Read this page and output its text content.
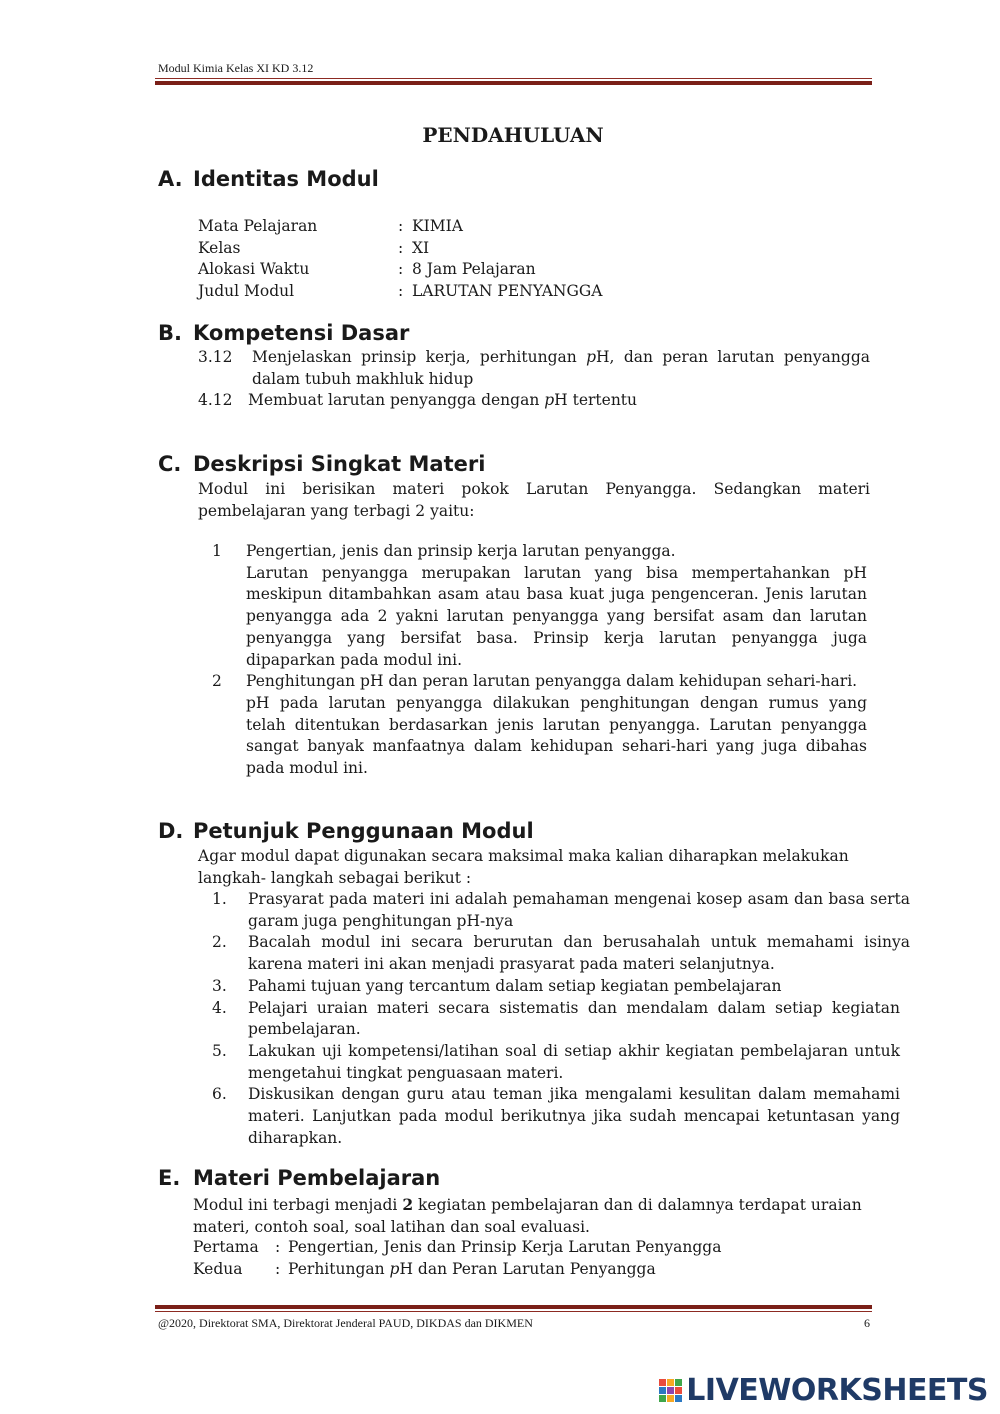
Modul Kimia Kelas XI KD 3.12
PENDAHULUAN
A. Identitas Modul
Mata Pelajaran	: KIMIA
Kelas	: XI
Alokasi Waktu	: 8 Jam Pelajaran
Judul Modul	: LARUTAN PENYANGGA
B. Kompetensi Dasar
3.12	Menjelaskan prinsip kerja, perhitungan pH, dan peran larutan penyangga dalam tubuh makhluk hidup
4.12 Membuat larutan penyangga dengan pH tertentu
C. Deskripsi Singkat Materi
Modul ini berisikan materi pokok Larutan Penyangga. Sedangkan materi pembelajaran yang terbagi 2 yaitu:
1	Pengertian, jenis dan prinsip kerja larutan penyangga.
Larutan penyangga merupakan larutan yang bisa mempertahankan pH meskipun ditambahkan asam atau basa kuat juga pengenceran. Jenis larutan penyangga ada 2 yakni larutan penyangga yang bersifat asam dan larutan penyangga yang bersifat basa. Prinsip kerja larutan penyangga juga dipaparkan pada modul ini.
2	Penghitungan pH dan peran larutan penyangga dalam kehidupan sehari-hari.
pH pada larutan penyangga dilakukan penghitungan dengan rumus yang telah ditentukan berdasarkan jenis larutan penyangga. Larutan penyangga sangat banyak manfaatnya dalam kehidupan sehari-hari yang juga dibahas pada modul ini.
D. Petunjuk Penggunaan Modul
Agar modul dapat digunakan secara maksimal maka kalian diharapkan melakukan langkah- langkah sebagai berikut :
1.	Prasyarat pada materi ini adalah pemahaman mengenai kosep asam dan basa serta garam juga penghitungan pH-nya
2.	Bacalah modul ini secara berurutan dan berusahalah untuk memahami isinya karena materi ini akan menjadi prasyarat pada materi selanjutnya.
3.	Pahami tujuan yang tercantum dalam setiap kegiatan pembelajaran
4.	Pelajari uraian materi secara sistematis dan mendalam dalam setiap kegiatan pembelajaran.
5.	Lakukan uji kompetensi/latihan soal di setiap akhir kegiatan pembelajaran untuk mengetahui tingkat penguasaan materi.
6.	Diskusikan dengan guru atau teman jika mengalami kesulitan dalam memahami materi. Lanjutkan pada modul berikutnya jika sudah mencapai ketuntasan yang diharapkan.
E. Materi Pembelajaran
Modul ini terbagi menjadi 2 kegiatan pembelajaran dan di dalamnya terdapat uraian materi, contoh soal, soal latihan dan soal evaluasi.
Pertama	: Pengertian, Jenis dan Prinsip Kerja Larutan Penyangga
Kedua	: Perhitungan pH dan Peran Larutan Penyangga
@2020, Direktorat SMA, Direktorat Jenderal PAUD, DIKDAS dan DIKMEN	6
LIVEWORKSHEETS
